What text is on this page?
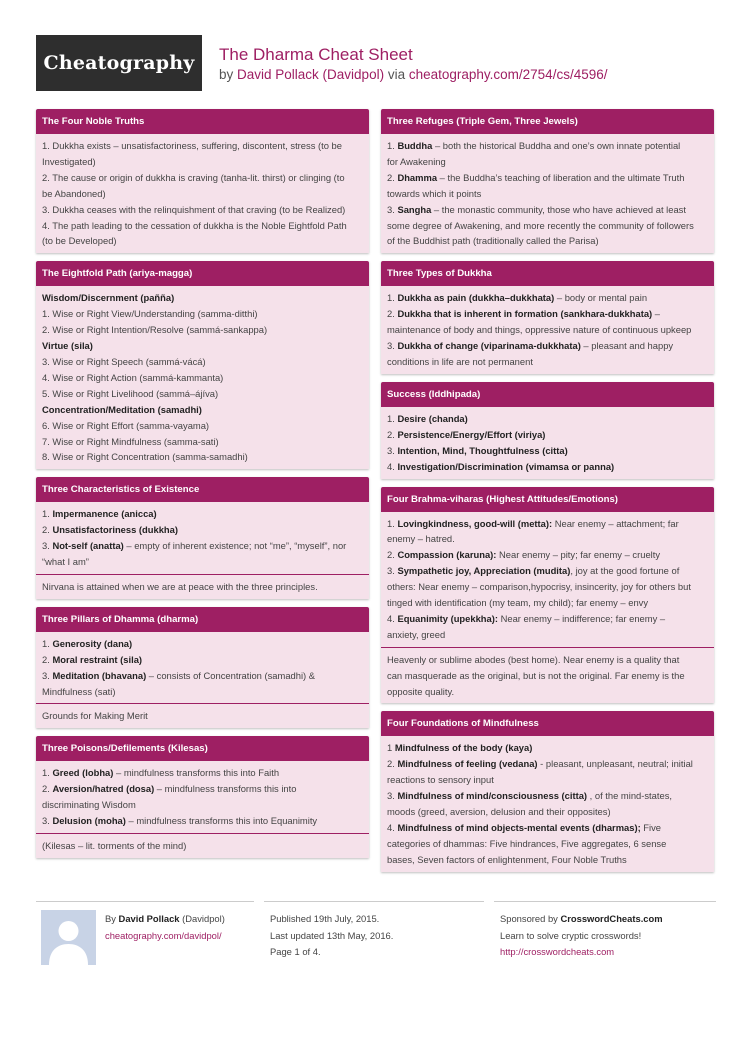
Cheatography	The Dharma Cheat Sheet
by David Pollack (Davidpol) via cheatography.com/2754/cs/4596/
The Four Noble Truths
1. Dukkha exists – unsatisfactoriness, suffering, discontent, stress (to be
Investigated)
2. The cause or origin of dukkha is craving (tanha-lit. thirst) or clinging (to
be Abandoned)
3. Dukkha ceases with the relinquishment of that craving (to be Realized)
4. The path leading to the cessation of dukkha is the Noble Eightfold Path
(to be Developed)
The Eightfold Path (ariya-magga)
Wisdom/Discernment (pañña)
1. Wise or Right View/Understanding (samma-ditthi)
2. Wise or Right Intention/Resolve (sammá-sankappa)
Virtue (sila)
3. Wise or Right Speech (sammá-vácá)
4. Wise or Right Action (sammá-kammanta)
5. Wise or Right Livelihood (sammá–ájíva)
Concentration/Meditation (samadhi)
6. Wise or Right Effort (samma-vayama)
7. Wise or Right Mindfulness (samma-sati)
8. Wise or Right Concentration (samma-samadhi)
Three Characteristics of Existence
1. Impermanence (anicca)
2. Unsatisfactoriness (dukkha)
3. Not-self (anatta) – empty of inherent existence; not “me”, “myself”, nor
“what I am”
Nirvana is attained when we are at peace with the three principles.
Three Pillars of Dhamma (dharma)
1. Generosity (dana)
2. Moral restraint (sila)
3. Meditation (bhavana) – consists of Concentration (samadhi) &
Mindfulness (sati)
Grounds for Making Merit
Three Poisons/Defilements (Kilesas)
1. Greed (lobha) – mindfulness transforms this into Faith
2. Aversion/hatred (dosa) – mindfulness transforms this into
discriminating Wisdom
3. Delusion (moha) – mindfulness transforms this into Equanimity
(Kilesas – lit. torments of the mind)
Three Refuges (Triple Gem, Three Jewels)
1. Buddha – both the historical Buddha and one’s own innate potential
for Awakening
2. Dhamma – the Buddha’s teaching of liberation and the ultimate Truth
towards which it points
3. Sangha – the monastic community, those who have achieved at least
some degree of Awakening, and more recently the community of followers
of the Buddhist path (traditionally called the Parisa)
Three Types of Dukkha
1. Dukkha as pain (dukkha–dukkhata) – body or mental pain
2. Dukkha that is inherent in formation (sankhara-dukkhata) –
maintenance of body and things, oppressive nature of continuous upkeep
3. Dukkha of change (viparinama-dukkhata) – pleasant and happy
conditions in life are not permanent
Success (Iddhipada)
1. Desire (chanda)
2. Persistence/Energy/Effort (viriya)
3. Intention, Mind, Thoughtfulness (citta)
4. Investigation/Discrimination (vimamsa or panna)
Four Brahma-viharas (Highest Attitudes/Emotions)
1. Lovingkindness, good-will (metta): Near enemy – attachment; far
enemy – hatred.
2. Compassion (karuna): Near enemy – pity; far enemy – cruelty
3. Sympathetic joy, Appreciation (mudita), joy at the good fortune of
others: Near enemy – comparison,hypocrisy, insincerity, joy for others but
tinged with identification (my team, my child); far enemy – envy
4. Equanimity (upekkha): Near enemy – indifference; far enemy –
anxiety, greed
Heavenly or sublime abodes (best home). Near enemy is a quality that
can masquerade as the original, but is not the original. Far enemy is the
opposite quality.
Four Foundations of Mindfulness
1 Mindfulness of the body (kaya)
2. Mindfulness of feeling (vedana) - pleasant, unpleasant, neutral; initial
reactions to sensory input
3. Mindfulness of mind/consciousness (citta) , of the mind-states,
moods (greed, aversion, delusion and their opposites)
4. Mindfulness of mind objects-mental events (dharmas); Five
categories of dhammas: Five hindrances, Five aggregates, 6 sense
bases, Seven factors of enlightenment, Four Noble Truths
By David Pollack (Davidpol)
cheatography.com/davidpol/
Published 19th July, 2015.
Last updated 13th May, 2016.
Page 1 of 4.
Sponsored by CrosswordCheats.com
Learn to solve cryptic crosswords!
http://crosswordcheats.com
